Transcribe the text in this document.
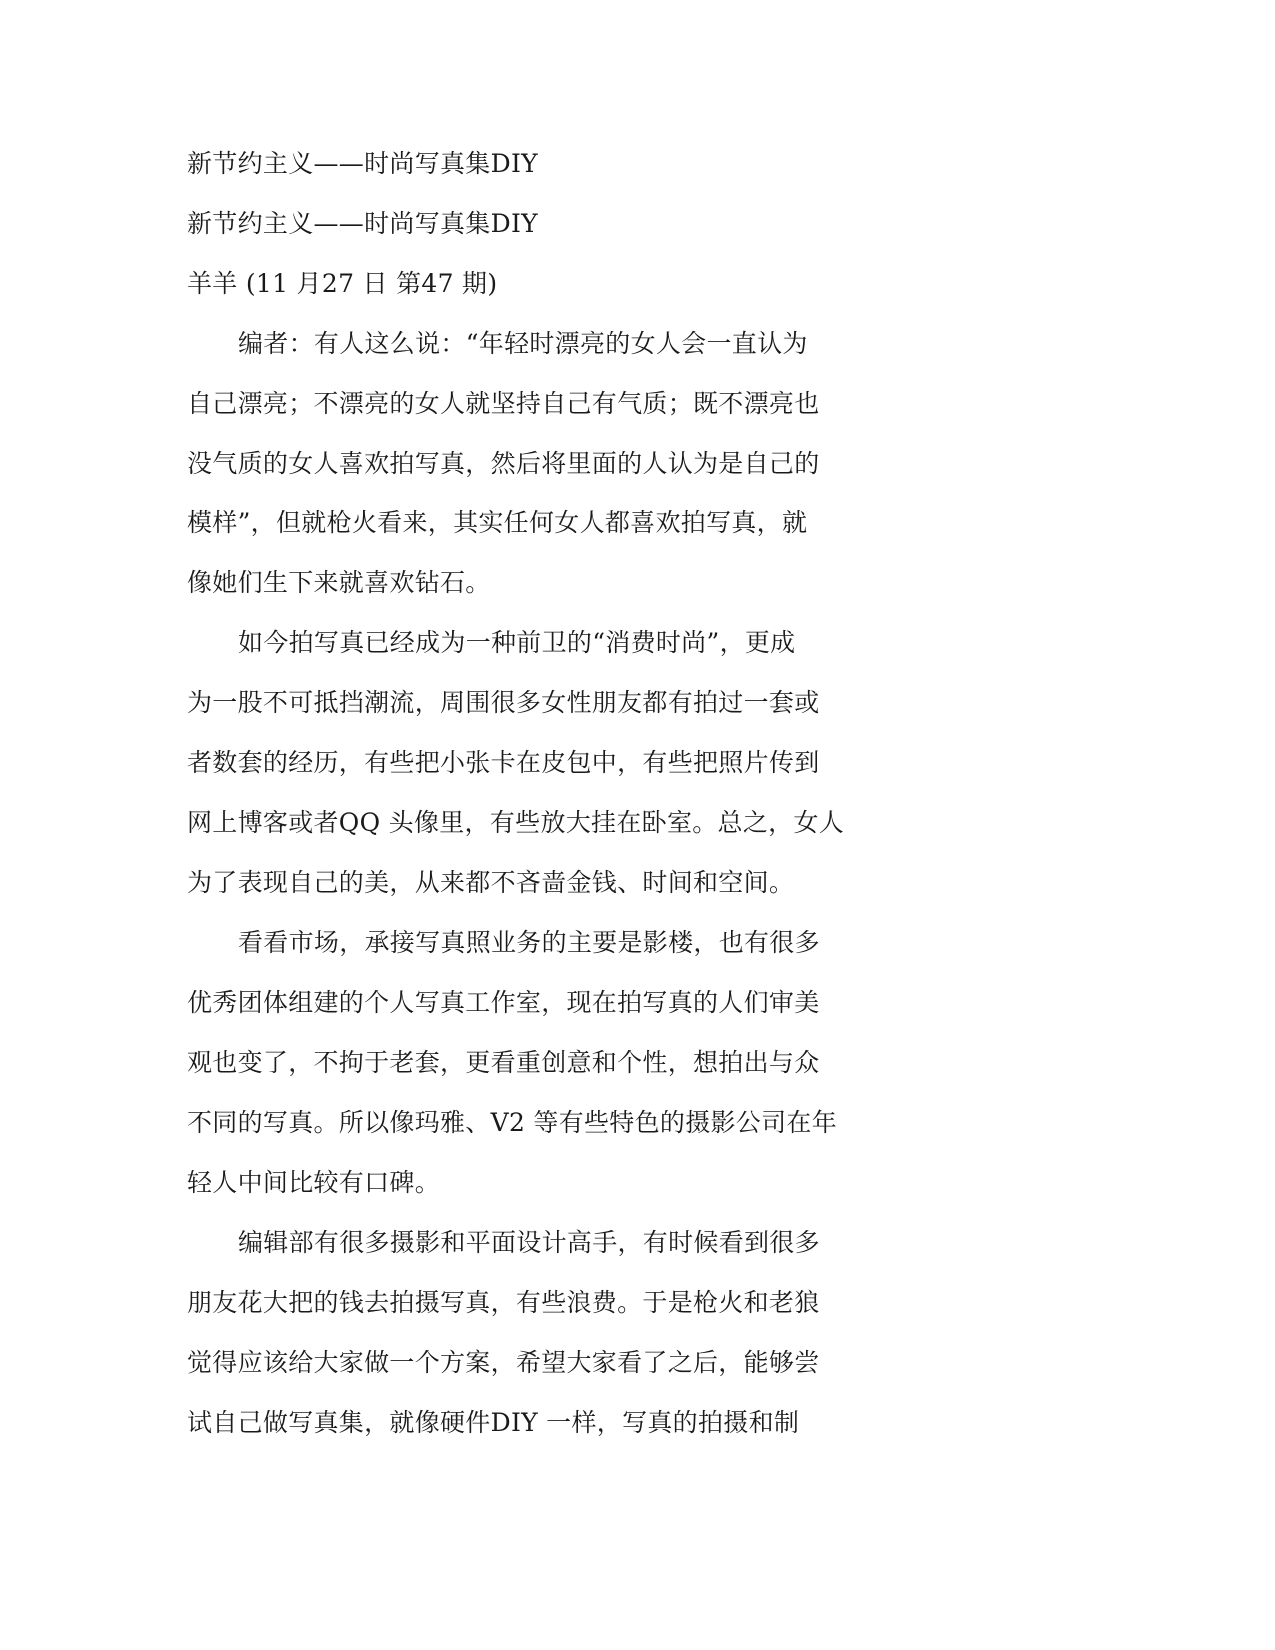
新节约主义——时尚写真集DIY
新节约主义——时尚写真集DIY
羊羊 (11 月27 日 第47 期)
编者：有人这么说：“年轻时漂亮的女人会一直认为
自己漂亮；不漂亮的女人就坚持自己有气质；既不漂亮也
没气质的女人喜欢拍写真，然后将里面的人认为是自己的
模样”，但就枪火看来，其实任何女人都喜欢拍写真，就
像她们生下来就喜欢钻石。
如今拍写真已经成为一种前卫的“消费时尚”，更成
为一股不可抵挡潮流，周围很多女性朋友都有拍过一套或
者数套的经历，有些把小张卡在皮包中，有些把照片传到
网上博客或者QQ 头像里，有些放大挂在卧室。总之，女人
为了表现自己的美，从来都不吝啬金钱、时间和空间。
看看市场，承接写真照业务的主要是影楼，也有很多
优秀团体组建的个人写真工作室，现在拍写真的人们审美
观也变了，不拘于老套，更看重创意和个性，想拍出与众
不同的写真。所以像玛雅、V2 等有些特色的摄影公司在年
轻人中间比较有口碑。
编辑部有很多摄影和平面设计高手，有时候看到很多
朋友花大把的钱去拍摄写真，有些浪费。于是枪火和老狼
觉得应该给大家做一个方案，希望大家看了之后，能够尝
试自己做写真集，就像硬件DIY 一样，写真的拍摄和制
